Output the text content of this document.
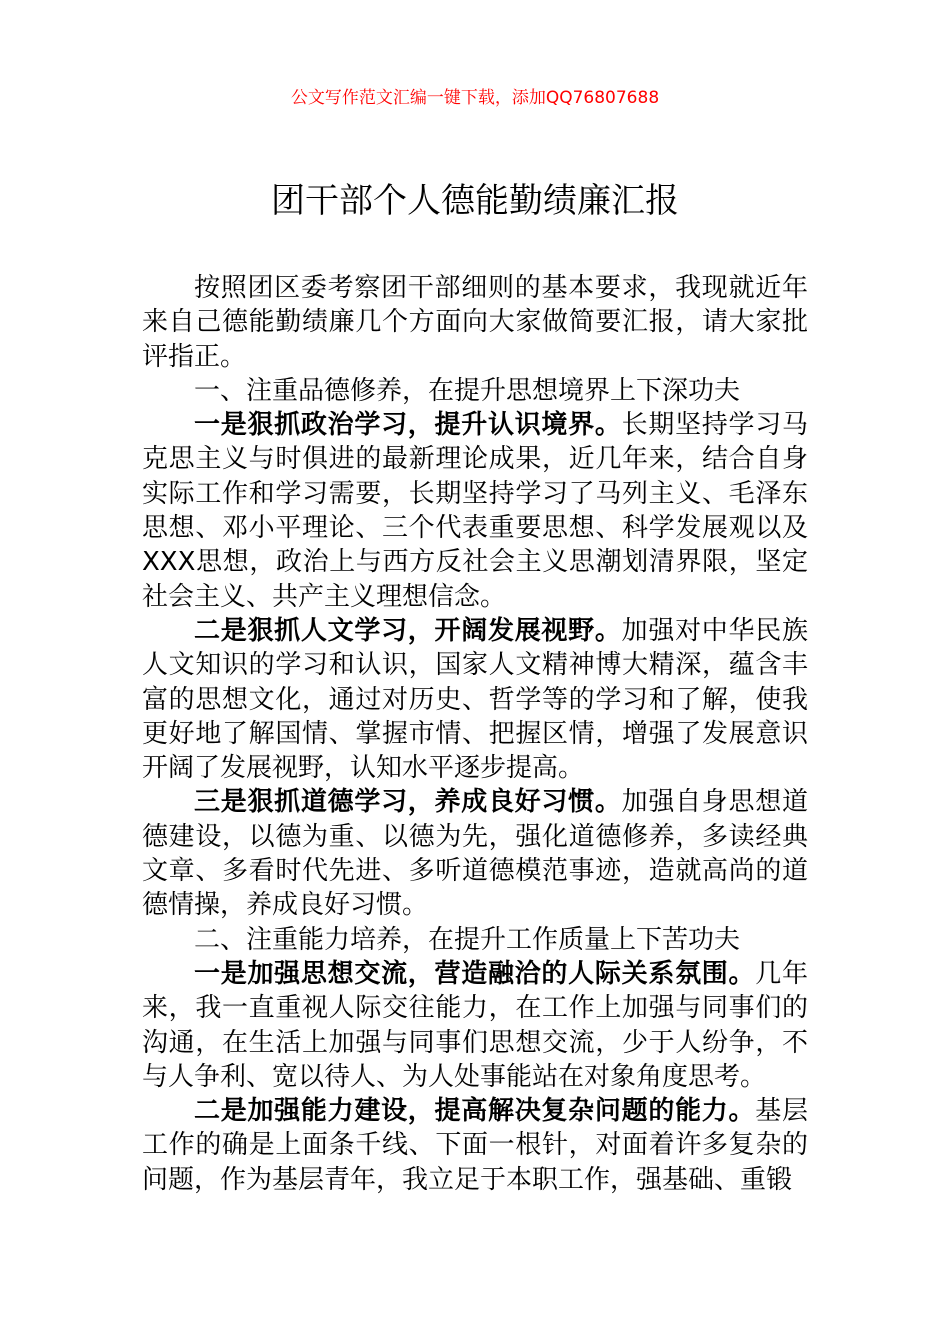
公文写作范文汇编一键下载，添加QQ76807688
团干部个人德能勤绩廉汇报

按照团区委考察团干部细则的基本要求，我现就近年来自己德能勤绩廉几个方面向大家做简要汇报，请大家批评指正。

一、注重品德修养，在提升思想境界上下深功夫

一是狠抓政治学习，提升认识境界。长期坚持学习马克思主义与时俱进的最新理论成果，近几年来，结合自身实际工作和学习需要，长期坚持学习了马列主义、毛泽东思想、邓小平理论、三个代表重要思想、科学发展观以及XXX思想，政治上与西方反社会主义思潮划清界限，坚定社会主义、共产主义理想信念。

二是狠抓人文学习，开阔发展视野。加强对中华民族人文知识的学习和认识，国家人文精神博大精深，蕴含丰富的思想文化，通过对历史、哲学等的学习和了解，使我更好地了解国情、掌握市情、把握区情，增强了发展意识开阔了发展视野，认知水平逐步提高。

三是狠抓道德学习，养成良好习惯。加强自身思想道德建设，以德为重、以德为先，强化道德修养，多读经典文章、多看时代先进、多听道德模范事迹，造就高尚的道德情操，养成良好习惯。

二、注重能力培养，在提升工作质量上下苦功夫

一是加强思想交流，营造融洽的人际关系氛围。几年来，我一直重视人际交往能力，在工作上加强与同事们的沟通，在生活上加强与同事们思想交流，少于人纷争，不与人争利、宽以待人、为人处事能站在对象角度思考。

二是加强能力建设，提高解决复杂问题的能力。基层工作的确是上面条千线、下面一根针，对面着许多复杂的问题，作为基层青年，我立足于本职工作，强基础、重锻
